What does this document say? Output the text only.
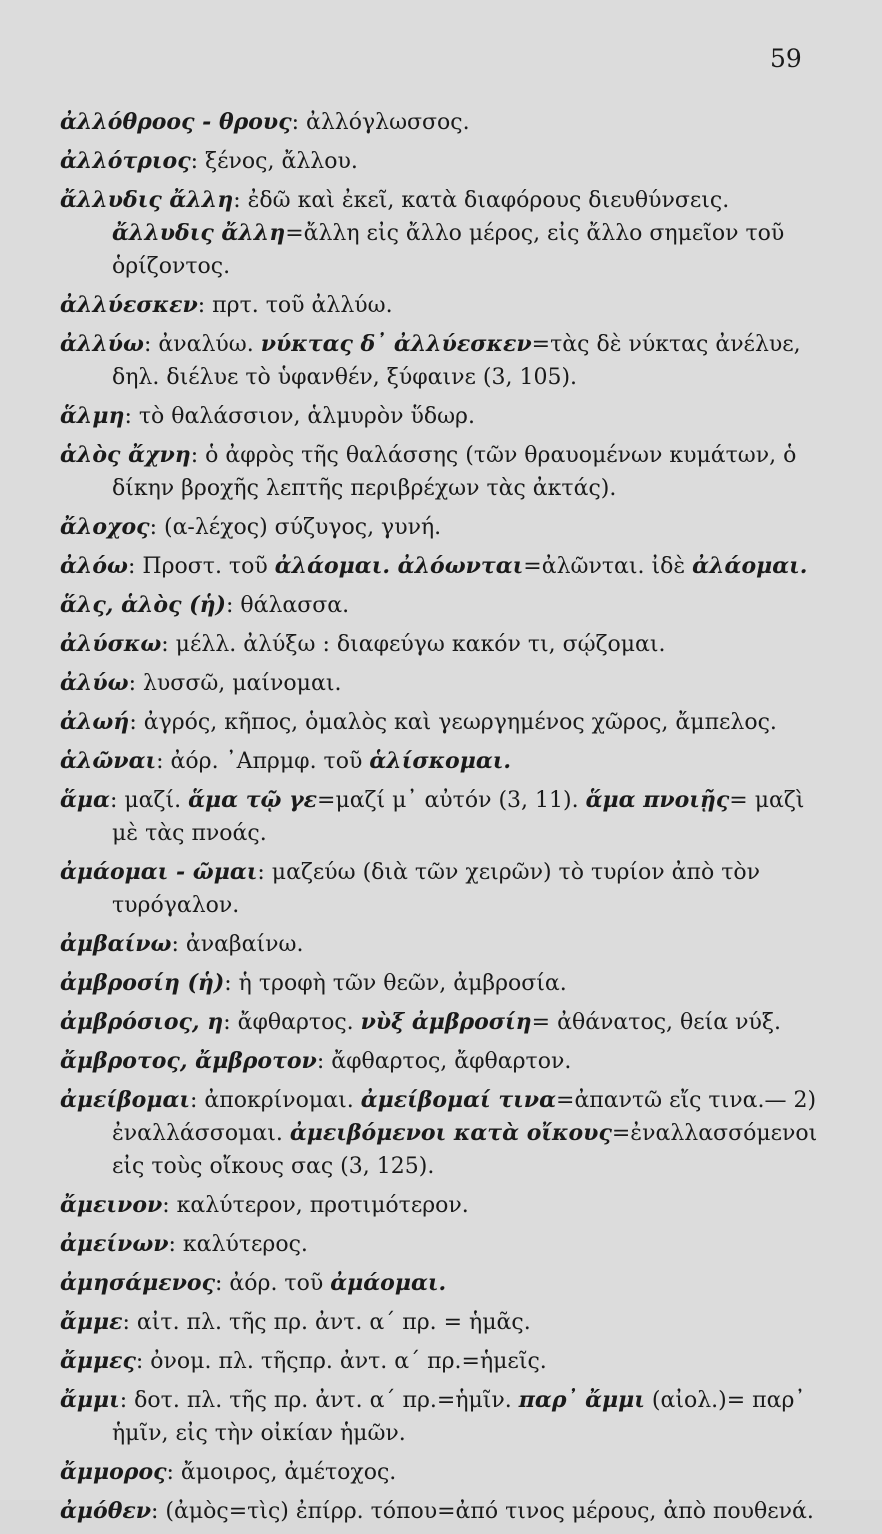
59
ἀλλόθροος - θρους: ἀλλόγλωσσος.
ἀλλότριος: ξένος, ἄλλου.
ἄλλυδις ἄλλη: ἐδῶ καὶ ἐκεῖ, κατὰ διαφόρους διευθύνσεις. ἄλλυδις ἄλλη=ἄλλη εἰς ἄλλο μέρος, εἰς ἄλλο σημεῖον τοῦ ὁρίζοντος.
ἀλλύεσκεν: πρτ. τοῦ ἀλλύω.
ἀλλύω: ἀναλύω. νύκτας δ᾿ ἀλλύεσκεν=τὰς δὲ νύκτας ἀνέλυε, δηλ. διέλυε τὸ ὑφανθέν, ξύφαινε (3, 105).
ἅλμη: τὸ θαλάσσιον, ἁλμυρὸν ὕδωρ.
ἁλὸς ἄχνη: ὁ ἀφρὸς τῆς θαλάσσης (τῶν θραυομένων κυμάτων, ὁ δίκην βροχῆς λεπτῆς περιβρέχων τὰς ἀκτάς).
ἄλοχος: (α-λέχος) σύζυγος, γυνή.
ἀλόω: Προστ. τοῦ ἀλάομαι. ἀλόωνται=ἀλῶνται. ἰδὲ ἀλάομαι.
ἅλς, ἁλὸς (ἡ): θάλασσα.
ἀλύσκω: μέλλ. ἀλύξω : διαφεύγω κακόν τι, σῴζομαι.
ἀλύω: λυσσῶ, μαίνομαι.
ἀλωή: ἀγρός, κῆπος, ὁμαλὸς καὶ γεωργημένος χῶρος, ἄμπελος.
ἁλῶναι: ἀόρ. ᾿Απρμφ. τοῦ ἁλίσκομαι.
ἅμα: μαζί. ἅμα τῷ γε=μαζί μ᾿ αὐτόν (3, 11). ἅμα πνοιῇς= μαζὶ μὲ τὰς πνοάς.
ἀμάομαι - ῶμαι: μαζεύω (διὰ τῶν χειρῶν) τὸ τυρίον ἀπὸ τὸν τυρόγαλον.
ἀμβαίνω: ἀναβαίνω.
ἀμβροσίη (ἡ): ἡ τροφὴ τῶν θεῶν, ἀμβροσία.
ἀμβρόσιος, η: ἄφθαρτος. νὺξ ἀμβροσίη= ἀθάνατος, θεία νύξ.
ἄμβροτος, ἄμβροτον: ἄφθαρτος, ἄφθαρτον.
ἀμείβομαι: ἀποκρίνομαι. ἀμείβομαί τινα=ἀπαντῶ εἴς τινα.— 2) ἐναλλάσσομαι. ἀμειβόμενοι κατὰ οἴκους=ἐναλλασσόμενοι εἰς τοὺς οἴκους σας (3, 125).
ἄμεινον: καλύτερον, προτιμότερον.
ἀμείνων: καλύτερος.
ἀμησάμενος: ἀόρ. τοῦ ἀμάομαι.
ἄμμε: αἰτ. πλ. τῆς πρ. ἀντ. α΄ πρ. = ἡμᾶς.
ἄμμες: ὀνομ. πλ. τῆςπρ. ἀντ. α΄ πρ.=ἡμεῖς.
ἄμμι: δοτ. πλ. τῆς πρ. ἀντ. α΄ πρ.=ἡμῖν. παρ᾿ ἄμμι (αἰολ.)= παρ᾿ ἡμῖν, εἰς τὴν οἰκίαν ἡμῶν.
ἄμμορος: ἄμοιρος, ἀμέτοχος.
ἀμόθεν: (ἀμὸς=τὶς) ἐπίρρ. τόπου=ἀπό τινος μέρους, ἀπὸ πουθενά.
